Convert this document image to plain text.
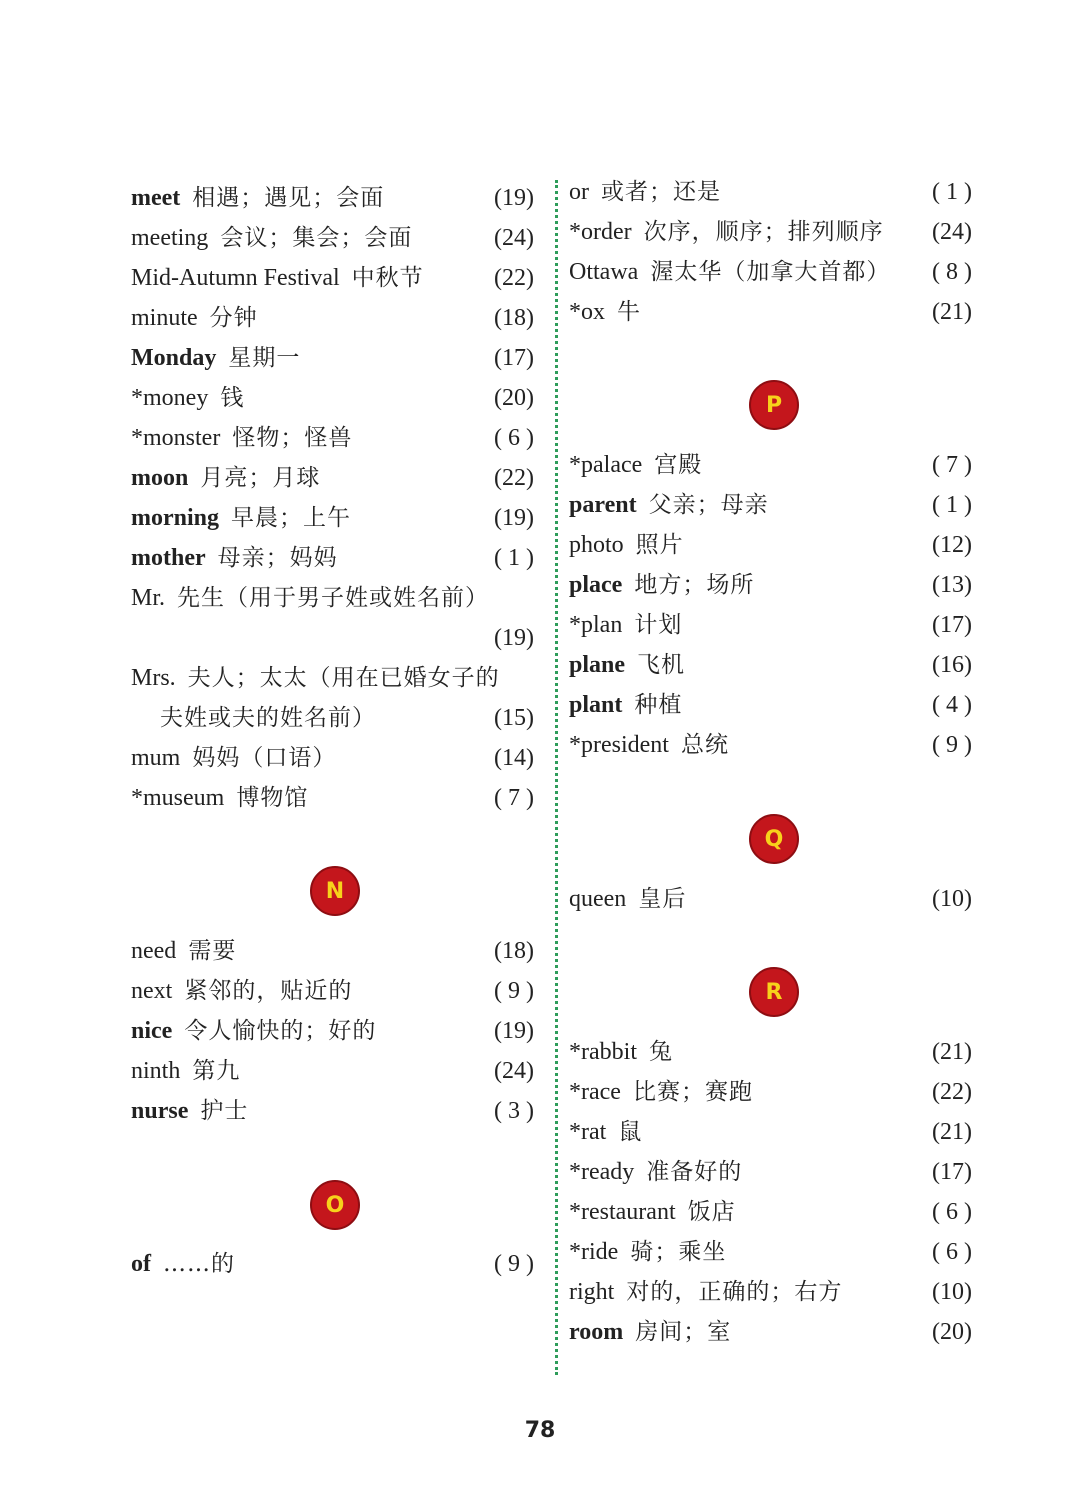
meet 相遇；遇见；会面	(19)
meeting 会议；集会；会面	(24)
Mid-Autumn Festival 中秋节	(22)
minute 分钟	(18)
Monday 星期一	(17)
*money 钱	(20)
*monster 怪物；怪兽	( 6 )
moon 月亮；月球	(22)
morning 早晨；上午	(19)
mother 母亲；妈妈	( 1 )
Mr. 先生（用于男子姓或姓名前）
(19)
Mrs. 夫人；太太（用在已婚女子的
夫姓或夫的姓名前）	(15)
mum 妈妈（口语）	(14)
*museum 博物馆	( 7 )
N
need 需要	(18)
next 紧邻的，贴近的	( 9 )
nice 令人愉快的；好的	(19)
ninth 第九	(24)
nurse 护士	( 3 )
O
of ……的	( 9 )
or 或者；还是	( 1 )
*order 次序，顺序；排列顺序 (24)
Ottawa 渥太华（加拿大首都） ( 8 )
*ox 牛	(21)
P
*palace 宫殿	( 7 )
parent 父亲；母亲	( 1 )
photo 照片	(12)
place 地方；场所	(13)
*plan 计划	(17)
plane 飞机	(16)
plant 种植	( 4 )
*president 总统	( 9 )
Q
queen 皇后	(10)
R
*rabbit 兔	(21)
*race 比赛；赛跑	(22)
*rat 鼠	(21)
*ready 准备好的	(17)
*restaurant 饭店	( 6 )
*ride 骑；乘坐	( 6 )
right 对的，正确的；右方	(10)
room 房间；室	(20)
78
